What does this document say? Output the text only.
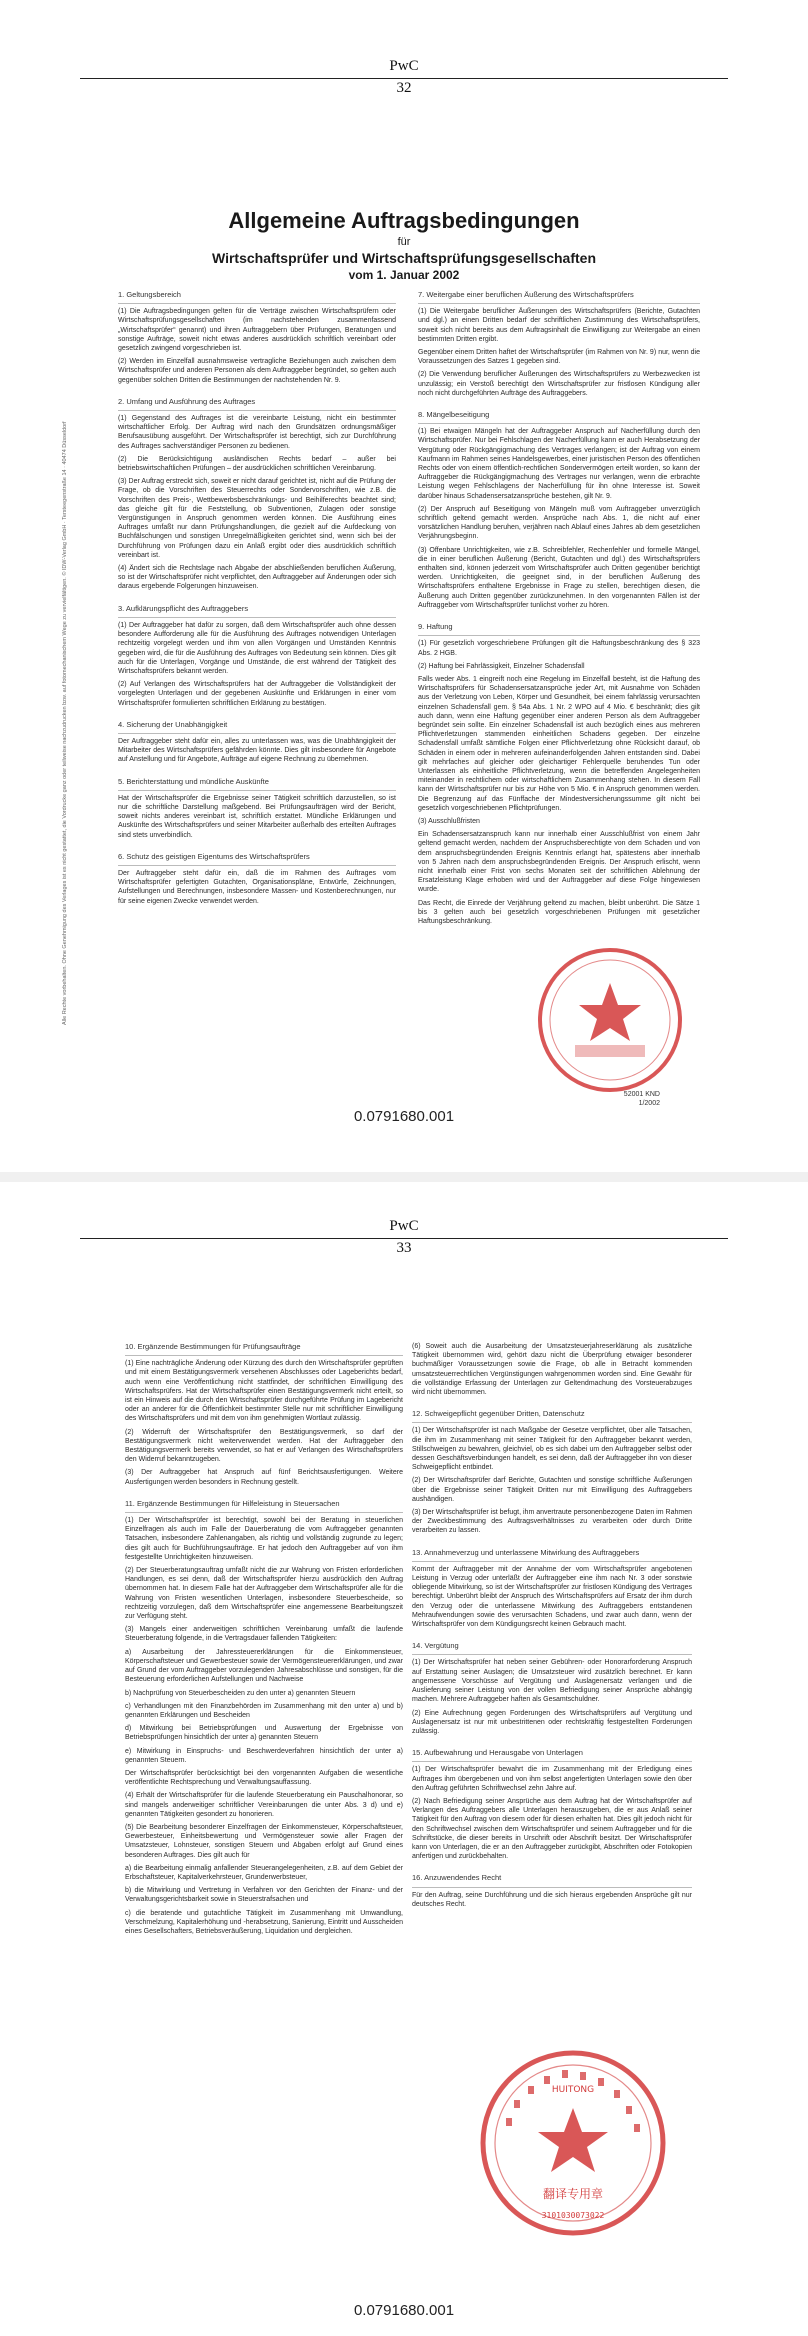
PwC
32
Allgemeine Auftragsbedingungen
für
Wirtschaftsprüfer und Wirtschaftsprüfungsgesellschaften
vom 1. Januar 2002
1. Geltungsbereich
(1) Die Auftragsbedingungen gelten für die Verträge zwischen Wirtschaftsprüfern oder Wirtschaftsprüfungsgesellschaften (im nachstehenden zusammenfassend „Wirtschaftsprüfer“ genannt) und ihren Auftraggebern über Prüfungen, Beratungen und sonstige Aufträge, soweit nicht etwas anderes ausdrücklich schriftlich vereinbart oder gesetzlich zwingend vorgeschrieben ist.
(2) Werden im Einzelfall ausnahmsweise vertragliche Beziehungen auch zwischen dem Wirtschaftsprüfer und anderen Personen als dem Auftraggeber begründet, so gelten auch gegenüber solchen Dritten die Bestimmungen der nachstehenden Nr. 9.
2. Umfang und Ausführung des Auftrages
(1) Gegenstand des Auftrages ist die vereinbarte Leistung, nicht ein bestimmter wirtschaftlicher Erfolg. Der Auftrag wird nach den Grundsätzen ordnungsmäßiger Berufsausübung ausgeführt. Der Wirtschaftsprüfer ist berechtigt, sich zur Durchführung des Auftrages sachverständiger Personen zu bedienen.
(2) Die Berücksichtigung ausländischen Rechts bedarf – außer bei betriebswirtschaftlichen Prüfungen – der ausdrücklichen schriftlichen Vereinbarung.
(3) Der Auftrag erstreckt sich, soweit er nicht darauf gerichtet ist, nicht auf die Prüfung der Frage, ob die Vorschriften des Steuerrechts oder Sondervorschriften, wie z.B. die Vorschriften des Preis-, Wettbewerbsbeschränkungs- und Beihilferechts beachtet sind; das gleiche gilt für die Feststellung, ob Subventionen, Zulagen oder sonstige Vergünstigungen in Anspruch genommen werden können. Die Ausführung eines Auftrages umfaßt nur dann Prüfungshandlungen, die gezielt auf die Aufdeckung von Buchfälschungen und sonstigen Unregelmäßigkeiten gerichtet sind, wenn sich bei der Durchführung von Prüfungen dazu ein Anlaß ergibt oder dies ausdrücklich schriftlich vereinbart ist.
(4) Ändert sich die Rechtslage nach Abgabe der abschließenden beruflichen Äußerung, so ist der Wirtschaftsprüfer nicht verpflichtet, den Auftraggeber auf Änderungen oder sich daraus ergebende Folgerungen hinzuweisen.
3. Aufklärungspflicht des Auftraggebers
(1) Der Auftraggeber hat dafür zu sorgen, daß dem Wirtschaftsprüfer auch ohne dessen besondere Aufforderung alle für die Ausführung des Auftrages notwendigen Unterlagen rechtzeitig vorgelegt werden und ihm von allen Vorgängen und Umständen Kenntnis gegeben wird, die für die Ausführung des Auftrages von Bedeutung sein können. Dies gilt auch für die Unterlagen, Vorgänge und Umstände, die erst während der Tätigkeit des Wirtschaftsprüfers bekannt werden.
(2) Auf Verlangen des Wirtschaftsprüfers hat der Auftraggeber die Vollständigkeit der vorgelegten Unterlagen und der gegebenen Auskünfte und Erklärungen in einer vom Wirtschaftsprüfer formulierten schriftlichen Erklärung zu bestätigen.
4. Sicherung der Unabhängigkeit
Der Auftraggeber steht dafür ein, alles zu unterlassen was, was die Unabhängigkeit der Mitarbeiter des Wirtschaftsprüfers gefährden könnte. Dies gilt insbesondere für Angebote auf Anstellung und für Angebote, Aufträge auf eigene Rechnung zu übernehmen.
5. Berichterstattung und mündliche Auskünfte
Hat der Wirtschaftsprüfer die Ergebnisse seiner Tätigkeit schriftlich darzustellen, so ist nur die schriftliche Darstellung maßgebend. Bei Prüfungsaufträgen wird der Bericht, soweit nichts anderes vereinbart ist, schriftlich erstattet. Mündliche Erklärungen und Auskünfte des Wirtschaftsprüfers und seiner Mitarbeiter außerhalb des erteilten Auftrages sind stets unverbindlich.
6. Schutz des geistigen Eigentums des Wirtschaftsprüfers
Der Auftraggeber steht dafür ein, daß die im Rahmen des Auftrages vom Wirtschaftsprüfer gefertigten Gutachten, Organisationspläne, Entwürfe, Zeichnungen, Aufstellungen und Berechnungen, insbesondere Massen- und Kostenberechnungen, nur für seine eigenen Zwecke verwendet werden.
7. Weitergabe einer beruflichen Äußerung des Wirtschaftsprüfers
(1) Die Weitergabe beruflicher Äußerungen des Wirtschaftsprüfers (Berichte, Gutachten und dgl.) an einen Dritten bedarf der schriftlichen Zustimmung des Wirtschaftsprüfers, soweit sich nicht bereits aus dem Auftragsinhalt die Einwilligung zur Weitergabe an einen bestimmten Dritten ergibt.
Gegenüber einem Dritten haftet der Wirtschaftsprüfer (im Rahmen von Nr. 9) nur, wenn die Voraussetzungen des Satzes 1 gegeben sind.
(2) Die Verwendung beruflicher Äußerungen des Wirtschaftsprüfers zu Werbezwecken ist unzulässig; ein Verstoß berechtigt den Wirtschaftsprüfer zur fristlosen Kündigung aller noch nicht durchgeführten Aufträge des Auftraggebers.
8. Mängelbeseitigung
(1) Bei etwaigen Mängeln hat der Auftraggeber Anspruch auf Nacherfüllung durch den Wirtschaftsprüfer. Nur bei Fehlschlagen der Nacherfüllung kann er auch Herabsetzung der Vergütung oder Rückgängigmachung des Vertrages verlangen; ist der Auftrag von einem Kaufmann im Rahmen seines Handelsgewerbes, einer juristischen Person des öffentlichen Rechts oder von einem öffentlich-rechtlichen Sondervermögen erteilt worden, so kann der Auftraggeber die Rückgängigmachung des Vertrages nur verlangen, wenn die erbrachte Leistung wegen Fehlschlagens der Nacherfüllung für ihn ohne Interesse ist. Soweit darüber hinaus Schadensersatzansprüche bestehen, gilt Nr. 9.
(2) Der Anspruch auf Beseitigung von Mängeln muß vom Auftraggeber unverzüglich schriftlich geltend gemacht werden. Ansprüche nach Abs. 1, die nicht auf einer vorsätzlichen Handlung beruhen, verjähren nach Ablauf eines Jahres ab dem gesetzlichen Verjährungsbeginn.
(3) Offenbare Unrichtigkeiten, wie z.B. Schreibfehler, Rechenfehler und formelle Mängel, die in einer beruflichen Äußerung (Bericht, Gutachten und dgl.) des Wirtschaftsprüfers enthalten sind, können jederzeit vom Wirtschaftsprüfer auch Dritten gegenüber berichtigt werden. Unrichtigkeiten, die geeignet sind, in der beruflichen Äußerung des Wirtschaftsprüfers enthaltene Ergebnisse in Frage zu stellen, berechtigen diesen, die Äußerung auch Dritten gegenüber zurückzunehmen. In den vorgenannten Fällen ist der Auftraggeber vom Wirtschaftsprüfer tunlichst vorher zu hören.
9. Haftung
(1) Für gesetzlich vorgeschriebene Prüfungen gilt die Haftungsbeschränkung des § 323 Abs. 2 HGB.
(2) Haftung bei Fahrlässigkeit, Einzelner Schadensfall
Falls weder Abs. 1 eingreift noch eine Regelung im Einzelfall besteht, ist die Haftung des Wirtschaftsprüfers für Schadensersatzansprüche jeder Art, mit Ausnahme von Schäden aus der Verletzung von Leben, Körper und Gesundheit, bei einem fahrlässig verursachten einzelnen Schadensfall gem. § 54a Abs. 1 Nr. 2 WPO auf 4 Mio. € beschränkt; dies gilt auch dann, wenn eine Haftung gegenüber einer anderen Person als dem Auftraggeber begründet sein sollte. Ein einzelner Schadensfall ist auch bezüglich eines aus mehreren Pflichtverletzungen stammenden einheitlichen Schadens gegeben. Der einzelne Schadensfall umfaßt sämtliche Folgen einer Pflichtverletzung ohne Rücksicht darauf, ob Schäden in einem oder in mehreren aufeinanderfolgenden Jahren entstanden sind. Dabei gilt mehrfaches auf gleicher oder gleichartiger Fehlerquelle beruhendes Tun oder Unterlassen als einheitliche Pflichtverletzung, wenn die betreffenden Angelegenheiten miteinander in rechtlichem oder wirtschaftlichem Zusammenhang stehen. In diesem Fall kann der Wirtschaftsprüfer nur bis zur Höhe von 5 Mio. € in Anspruch genommen werden. Die Begrenzung auf das Fünffache der Mindestversicherungssumme gilt nicht bei gesetzlich vorgeschriebenen Pflichtprüfungen.
(3) Ausschlußfristen
Ein Schadensersatzanspruch kann nur innerhalb einer Ausschlußfrist von einem Jahr geltend gemacht werden, nachdem der Anspruchsberechtigte von dem Schaden und von dem anspruchsbegründenden Ereignis Kenntnis erlangt hat, spätestens aber innerhalb von 5 Jahren nach dem anspruchsbegründenden Ereignis. Der Anspruch erlischt, wenn nicht innerhalb einer Frist von sechs Monaten seit der schriftlichen Ablehnung der Ersatzleistung Klage erhoben wird und der Auftraggeber auf diese Folge hingewiesen wurde.
Das Recht, die Einrede der Verjährung geltend zu machen, bleibt unberührt. Die Sätze 1 bis 3 gelten auch bei gesetzlich vorgeschriebenen Prüfungen mit gesetzlicher Haftungsbeschränkung.
Alle Rechte vorbehalten. Ohne Genehmigung des Verlages ist es nicht gestattet, die Vordrucke ganz oder teilweise nachzudrucken bzw. auf fotomechanischem Wege zu vervielfältigen. © IDW-Verlag GmbH · Tersteegenstraße 14 · 40474 Düsseldorf
52001 KND
1/2002
0.0791680.001
PwC
33
10. Ergänzende Bestimmungen für Prüfungsaufträge
(1) Eine nachträgliche Änderung oder Kürzung des durch den Wirtschaftsprüfer geprüften und mit einem Bestätigungsvermerk versehenen Abschlusses oder Lageberichts bedarf, auch wenn eine Veröffentlichung nicht stattfindet, der schriftlichen Einwilligung des Wirtschaftsprüfers. Hat der Wirtschaftsprüfer einen Bestätigungsvermerk nicht erteilt, so ist ein Hinweis auf die durch den Wirtschaftsprüfer durchgeführte Prüfung im Lagebericht oder an anderer für die Öffentlichkeit bestimmter Stelle nur mit schriftlicher Einwilligung des Wirtschaftsprüfers und mit dem von ihm genehmigten Wortlaut zulässig.
(2) Widerruft der Wirtschaftsprüfer den Bestätigungsvermerk, so darf der Bestätigungsvermerk nicht weiterverwendet werden. Hat der Auftraggeber den Bestätigungsvermerk bereits verwendet, so hat er auf Verlangen des Wirtschaftsprüfers den Widerruf bekanntzugeben.
(3) Der Auftraggeber hat Anspruch auf fünf Berichtsausfertigungen. Weitere Ausfertigungen werden besonders in Rechnung gestellt.
11. Ergänzende Bestimmungen für Hilfeleistung in Steuersachen
(1) Der Wirtschaftsprüfer ist berechtigt, sowohl bei der Beratung in steuerlichen Einzelfragen als auch im Falle der Dauerberatung die vom Auftraggeber genannten Tatsachen, insbesondere Zahlenangaben, als richtig und vollständig zugrunde zu legen; dies gilt auch für Buchführungsaufträge. Er hat jedoch den Auftraggeber auf von ihm festgestellte Unrichtigkeiten hinzuweisen.
(2) Der Steuerberatungsauftrag umfaßt nicht die zur Wahrung von Fristen erforderlichen Handlungen, es sei denn, daß der Wirtschaftsprüfer hierzu ausdrücklich den Auftrag übernommen hat. In diesem Falle hat der Auftraggeber dem Wirtschaftsprüfer alle für die Wahrung von Fristen wesentlichen Unterlagen, insbesondere Steuerbescheide, so rechtzeitig vorzulegen, daß dem Wirtschaftsprüfer eine angemessene Bearbeitungszeit zur Verfügung steht.
(3) Mangels einer anderweitigen schriftlichen Vereinbarung umfaßt die laufende Steuerberatung folgende, in die Vertragsdauer fallenden Tätigkeiten:
a) Ausarbeitung der Jahressteuererklärungen für die Einkommensteuer, Körperschaftsteuer und Gewerbesteuer sowie der Vermögensteuererklärungen, und zwar auf Grund der vom Auftraggeber vorzulegenden Jahresabschlüsse und sonstigen, für die Besteuerung erforderlichen Aufstellungen und Nachweise
b) Nachprüfung von Steuerbescheiden zu den unter a) genannten Steuern
c) Verhandlungen mit den Finanzbehörden im Zusammenhang mit den unter a) und b) genannten Erklärungen und Bescheiden
d) Mitwirkung bei Betriebsprüfungen und Auswertung der Ergebnisse von Betriebsprüfungen hinsichtlich der unter a) genannten Steuern
e) Mitwirkung in Einspruchs- und Beschwerdeverfahren hinsichtlich der unter a) genannten Steuern.
Der Wirtschaftsprüfer berücksichtigt bei den vorgenannten Aufgaben die wesentliche veröffentlichte Rechtsprechung und Verwaltungsauffassung.
(4) Erhält der Wirtschaftsprüfer für die laufende Steuerberatung ein Pauschalhonorar, so sind mangels anderweitiger schriftlicher Vereinbarungen die unter Abs. 3 d) und e) genannten Tätigkeiten gesondert zu honorieren.
(5) Die Bearbeitung besonderer Einzelfragen der Einkommensteuer, Körperschaftsteuer, Gewerbesteuer, Einheitsbewertung und Vermögensteuer sowie aller Fragen der Umsatzsteuer, Lohnsteuer, sonstigen Steuern und Abgaben erfolgt auf Grund eines besonderen Auftrages. Dies gilt auch für
a) die Bearbeitung einmalig anfallender Steuerangelegenheiten, z.B. auf dem Gebiet der Erbschaftsteuer, Kapitalverkehrsteuer, Grunderwerbsteuer,
b) die Mitwirkung und Vertretung in Verfahren vor den Gerichten der Finanz- und der Verwaltungsgerichtsbarkeit sowie in Steuerstrafsachen und
c) die beratende und gutachtliche Tätigkeit im Zusammenhang mit Umwandlung, Verschmelzung, Kapitalerhöhung und -herabsetzung, Sanierung, Eintritt und Ausscheiden eines Gesellschafters, Betriebsveräußerung, Liquidation und dergleichen.
(6) Soweit auch die Ausarbeitung der Umsatzsteuerjahreserklärung als zusätzliche Tätigkeit übernommen wird, gehört dazu nicht die Überprüfung etwaiger besonderer buchmäßiger Voraussetzungen sowie die Frage, ob alle in Betracht kommenden umsatzsteuerrechtlichen Vergünstigungen wahrgenommen worden sind. Eine Gewähr für die vollständige Erfassung der Unterlagen zur Geltendmachung des Vorsteuerabzuges wird nicht übernommen.
12. Schweigepflicht gegenüber Dritten, Datenschutz
(1) Der Wirtschaftsprüfer ist nach Maßgabe der Gesetze verpflichtet, über alle Tatsachen, die ihm im Zusammenhang mit seiner Tätigkeit für den Auftraggeber bekannt werden, Stillschweigen zu bewahren, gleichviel, ob es sich dabei um den Auftraggeber selbst oder dessen Geschäftsverbindungen handelt, es sei denn, daß der Auftraggeber ihn von dieser Schweigepflicht entbindet.
(2) Der Wirtschaftsprüfer darf Berichte, Gutachten und sonstige schriftliche Äußerungen über die Ergebnisse seiner Tätigkeit Dritten nur mit Einwilligung des Auftraggebers aushändigen.
(3) Der Wirtschaftsprüfer ist befugt, ihm anvertraute personenbezogene Daten im Rahmen der Zweckbestimmung des Auftragsverhältnisses zu verarbeiten oder durch Dritte verarbeiten zu lassen.
13. Annahmeverzug und unterlassene Mitwirkung des Auftraggebers
Kommt der Auftraggeber mit der Annahme der vom Wirtschaftsprüfer angebotenen Leistung in Verzug oder unterläßt der Auftraggeber eine ihm nach Nr. 3 oder sonstwie obliegende Mitwirkung, so ist der Wirtschaftsprüfer zur fristlosen Kündigung des Vertrages berechtigt. Unberührt bleibt der Anspruch des Wirtschaftsprüfers auf Ersatz der ihm durch den Verzug oder die unterlassene Mitwirkung des Auftraggebers entstandenen Mehraufwendungen sowie des verursachten Schadens, und zwar auch dann, wenn der Wirtschaftsprüfer von dem Kündigungsrecht keinen Gebrauch macht.
14. Vergütung
(1) Der Wirtschaftsprüfer hat neben seiner Gebühren- oder Honorarforderung Anspruch auf Erstattung seiner Auslagen; die Umsatzsteuer wird zusätzlich berechnet. Er kann angemessene Vorschüsse auf Vergütung und Auslagenersatz verlangen und die Auslieferung seiner Leistung von der vollen Befriedigung seiner Ansprüche abhängig machen. Mehrere Auftraggeber haften als Gesamtschuldner.
(2) Eine Aufrechnung gegen Forderungen des Wirtschaftsprüfers auf Vergütung und Auslagenersatz ist nur mit unbestrittenen oder rechtskräftig festgestellten Forderungen zulässig.
15. Aufbewahrung und Herausgabe von Unterlagen
(1) Der Wirtschaftsprüfer bewahrt die im Zusammenhang mit der Erledigung eines Auftrages ihm übergebenen und von ihm selbst angefertigten Unterlagen sowie den über den Auftrag geführten Schriftwechsel zehn Jahre auf.
(2) Nach Befriedigung seiner Ansprüche aus dem Auftrag hat der Wirtschaftsprüfer auf Verlangen des Auftraggebers alle Unterlagen herauszugeben, die er aus Anlaß seiner Tätigkeit für den Auftrag von diesem oder für diesen erhalten hat. Dies gilt jedoch nicht für den Schriftwechsel zwischen dem Wirtschaftsprüfer und seinem Auftraggeber und für die Schriftstücke, die dieser bereits in Urschrift oder Abschrift besitzt. Der Wirtschaftsprüfer kann von Unterlagen, die er an den Auftraggeber zurückgibt, Abschriften oder Fotokopien anfertigen und zurückbehalten.
16. Anzuwendendes Recht
Für den Auftrag, seine Durchführung und die sich hieraus ergebenden Ansprüche gilt nur deutsches Recht.
翻译专用章
3101030073022
HUITONG
0.0791680.001
